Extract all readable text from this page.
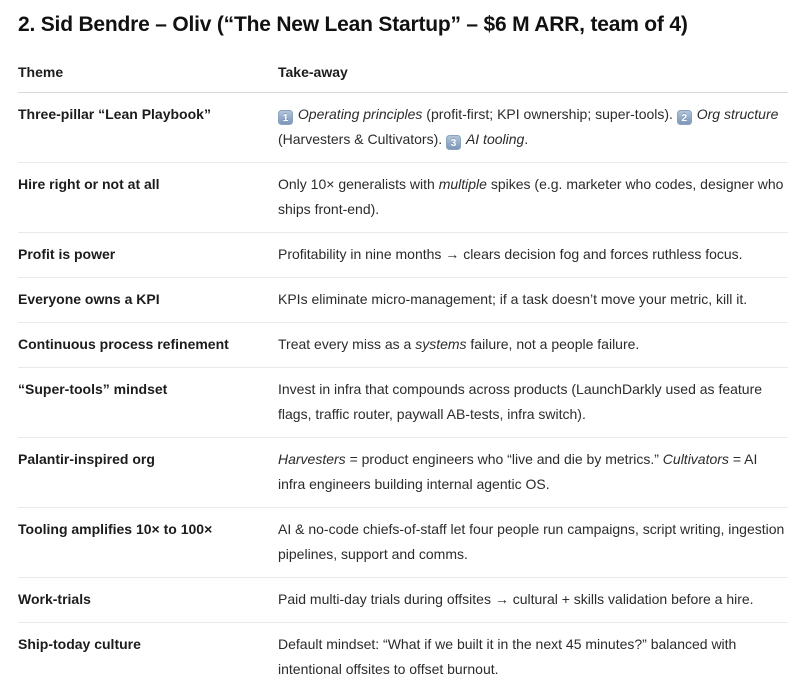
2. Sid Bendre – Oliv (“The New Lean Startup” – $6 M ARR, team of 4)
Theme	Take-away
Three-pillar “Lean Playbook”	1 Operating principles (profit-first; KPI ownership; super-tools). 2 Org structure (Harvesters & Cultivators). 3 AI tooling.
Hire right or not at all	Only 10× generalists with multiple spikes (e.g. marketer who codes, designer who ships front-end).
Profit is power	Profitability in nine months → clears decision fog and forces ruthless focus.
Everyone owns a KPI	KPIs eliminate micro-management; if a task doesn’t move your metric, kill it.
Continuous process refinement	Treat every miss as a systems failure, not a people failure.
“Super-tools” mindset	Invest in infra that compounds across products (LaunchDarkly used as feature flags, traffic router, paywall AB-tests, infra switch).
Palantir-inspired org	Harvesters = product engineers who “live and die by metrics.” Cultivators = AI infra engineers building internal agentic OS.
Tooling amplifies 10× to 100×	AI & no-code chiefs-of-staff let four people run campaigns, script writing, ingestion pipelines, support and comms.
Work-trials	Paid multi-day trials during offsites → cultural + skills validation before a hire.
Ship-today culture	Default mindset: “What if we built it in the next 45 minutes?” balanced with intentional offsites to offset burnout.
